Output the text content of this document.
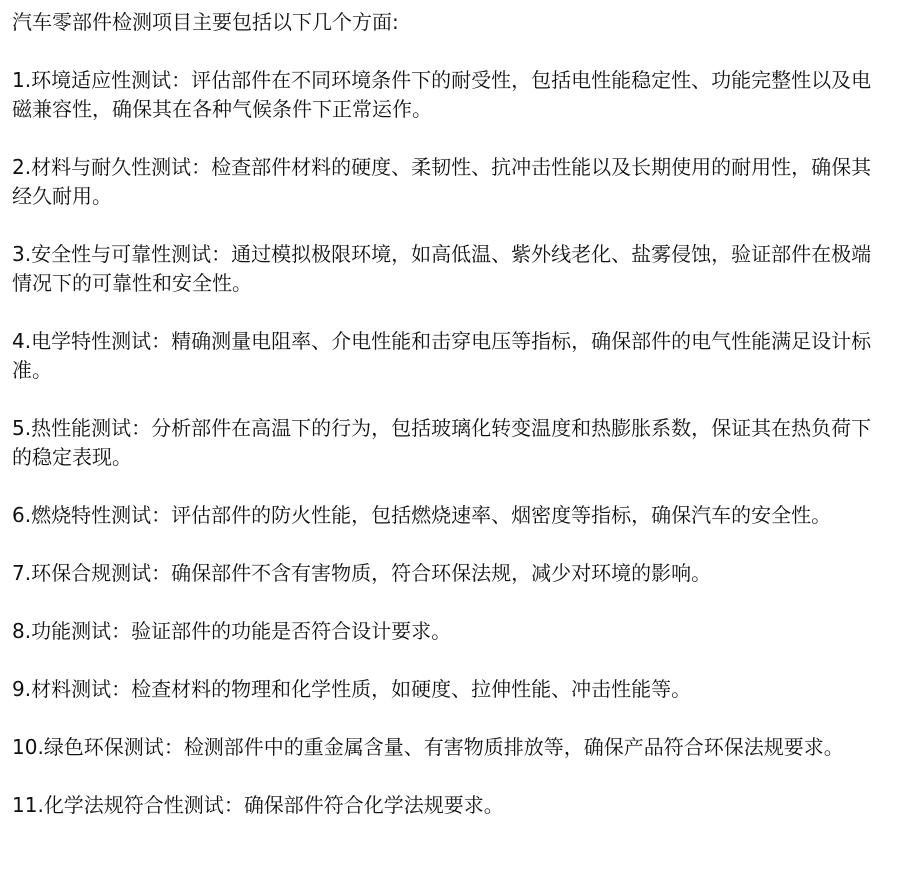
汽车零部件检测项目主要包括以下几个方面:

1.环境适应性测试：评估部件在不同环境条件下的耐受性，包括电性能稳定性、功能完整性以及电磁兼容性，确保其在各种气候条件下正常运作。

2.材料与耐久性测试：检查部件材料的硬度、柔韧性、抗冲击性能以及长期使用的耐用性，确保其经久耐用。

3.安全性与可靠性测试：通过模拟极限环境，如高低温、紫外线老化、盐雾侵蚀，验证部件在极端情况下的可靠性和安全性。

4.电学特性测试：精确测量电阻率、介电性能和击穿电压等指标，确保部件的电气性能满足设计标准。

5.热性能测试：分析部件在高温下的行为，包括玻璃化转变温度和热膨胀系数，保证其在热负荷下的稳定表现。

6.燃烧特性测试：评估部件的防火性能，包括燃烧速率、烟密度等指标，确保汽车的安全性。

7.环保合规测试：确保部件不含有害物质，符合环保法规，减少对环境的影响。

8.功能测试：验证部件的功能是否符合设计要求。

9.材料测试：检查材料的物理和化学性质，如硬度、拉伸性能、冲击性能等。

10.绿色环保测试：检测部件中的重金属含量、有害物质排放等，确保产品符合环保法规要求。

11.化学法规符合性测试：确保部件符合化学法规要求。
